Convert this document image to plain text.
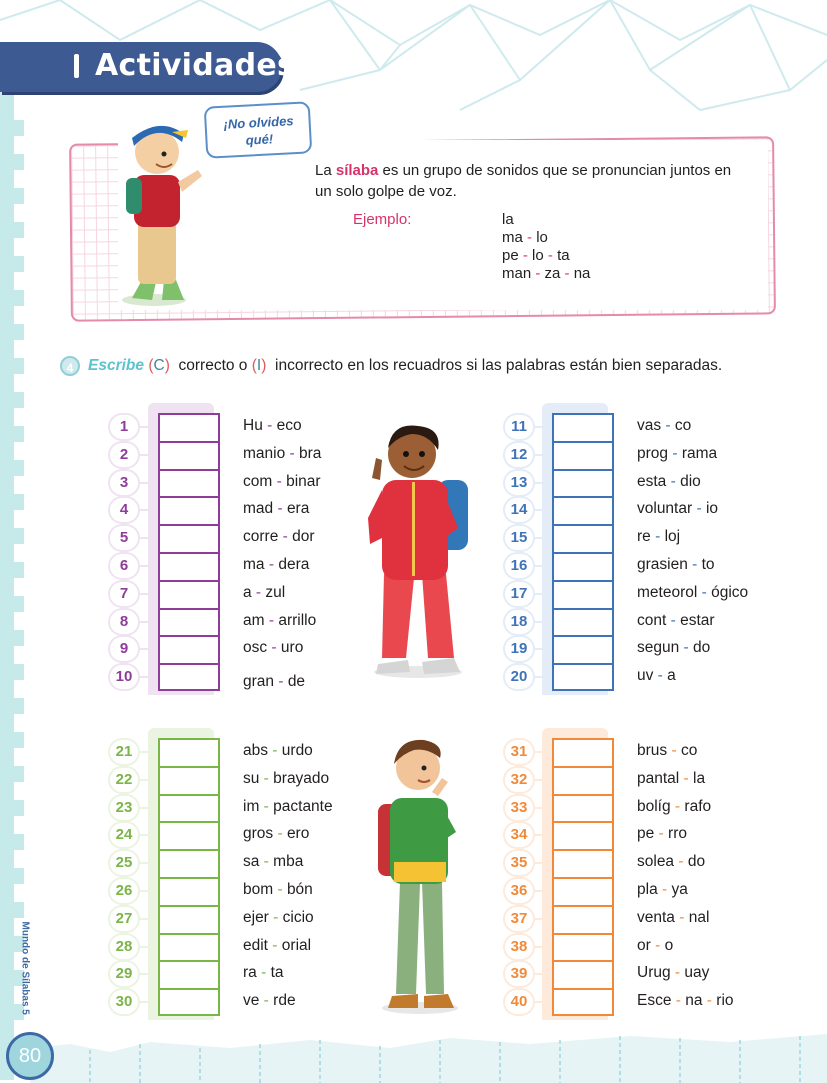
Actividades
¡No olvides qué!
La sílaba es un grupo de sonidos que se pronuncian juntos en un solo golpe de voz.
Ejemplo:	la
ma - lo
pe - lo - ta
man - za - na
4 Escribe (C) correcto o (I) incorrecto en los recuadros si las palabras están bien separadas.
1	Hu - eco
2	manio - bra
3	com - binar
4	mad - era
5	corre - dor
6	ma - dera
7	a - zul
8	am - arrillo
9	osc - uro
10	gran - de
11	vas - co
12	prog - rama
13	esta - dio
14	voluntar - io
15	re - loj
16	grasien - to
17	meteorol - ógico
18	cont - estar
19	segun - do
20	uv - a
21	abs - urdo
22	su - brayado
23	im - pactante
24	gros - ero
25	sa - mba
26	bom - bón
27	ejer - cicio
28	edit - orial
29	ra - ta
30	ve - rde
31	brus - co
32	pantal - la
33	bolíg - rafo
34	pe - rro
35	solea - do
36	pla - ya
37	venta - nal
38	or - o
39	Urug - uay
40	Esce - na - rio
Mundo de Sílabas 5
80
